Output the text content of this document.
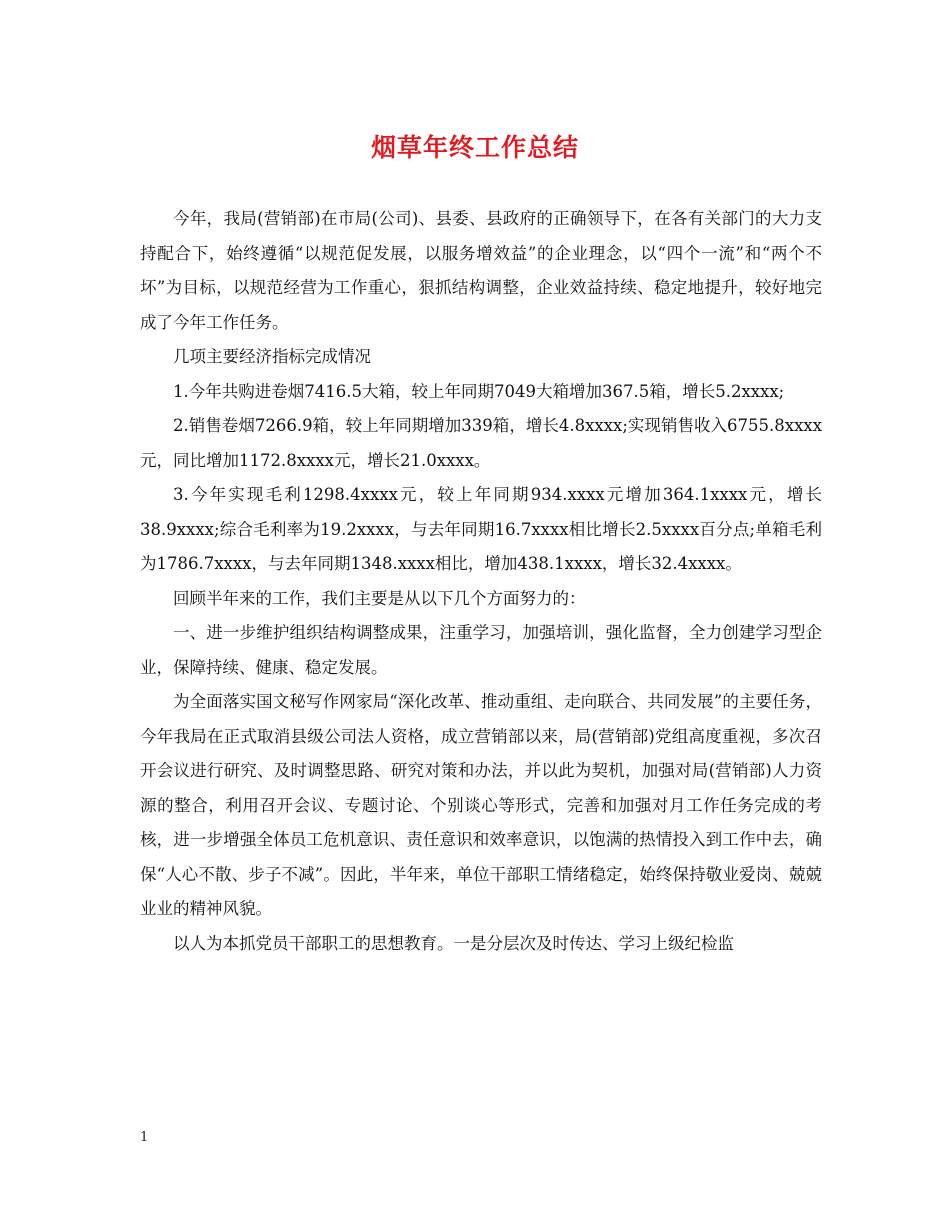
烟草年终工作总结

今年，我局(营销部)在市局(公司)、县委、县政府的正确领导下，在各有关部门的大力支持配合下，始终遵循“以规范促发展，以服务增效益”的企业理念，以“四个一流”和“两个不坏”为目标，以规范经营为工作重心，狠抓结构调整，企业效益持续、稳定地提升，较好地完成了今年工作任务。

几项主要经济指标完成情况

1.今年共购进卷烟7416.5大箱，较上年同期7049大箱增加367.5箱，增长5.2xxxx;

2.销售卷烟7266.9箱，较上年同期增加339箱，增长4.8xxxx;实现销售收入6755.8xxxx元，同比增加1172.8xxxx元，增长21.0xxxx。

3.今年实现毛利1298.4xxxx元，较上年同期934.xxxx元增加364.1xxxx元，增长38.9xxxx;综合毛利率为19.2xxxx，与去年同期16.7xxxx相比增长2.5xxxx百分点;单箱毛利为1786.7xxxx，与去年同期1348.xxxx相比，增加438.1xxxx，增长32.4xxxx。

回顾半年来的工作，我们主要是从以下几个方面努力的：

一、进一步维护组织结构调整成果，注重学习，加强培训，强化监督，全力创建学习型企业，保障持续、健康、稳定发展。

为全面落实国文秘写作网家局“深化改革、推动重组、走向联合、共同发展”的主要任务，今年我局在正式取消县级公司法人资格，成立营销部以来，局(营销部)党组高度重视，多次召开会议进行研究、及时调整思路、研究对策和办法，并以此为契机，加强对局(营销部)人力资源的整合，利用召开会议、专题讨论、个别谈心等形式，完善和加强对月工作任务完成的考核，进一步增强全体员工危机意识、责任意识和效率意识，以饱满的热情投入到工作中去，确保“人心不散、步子不减”。因此，半年来，单位干部职工情绪稳定，始终保持敬业爱岗、兢兢业业的精神风貌。

以人为本抓党员干部职工的思想教育。一是分层次及时传达、学习上级纪检监

1
